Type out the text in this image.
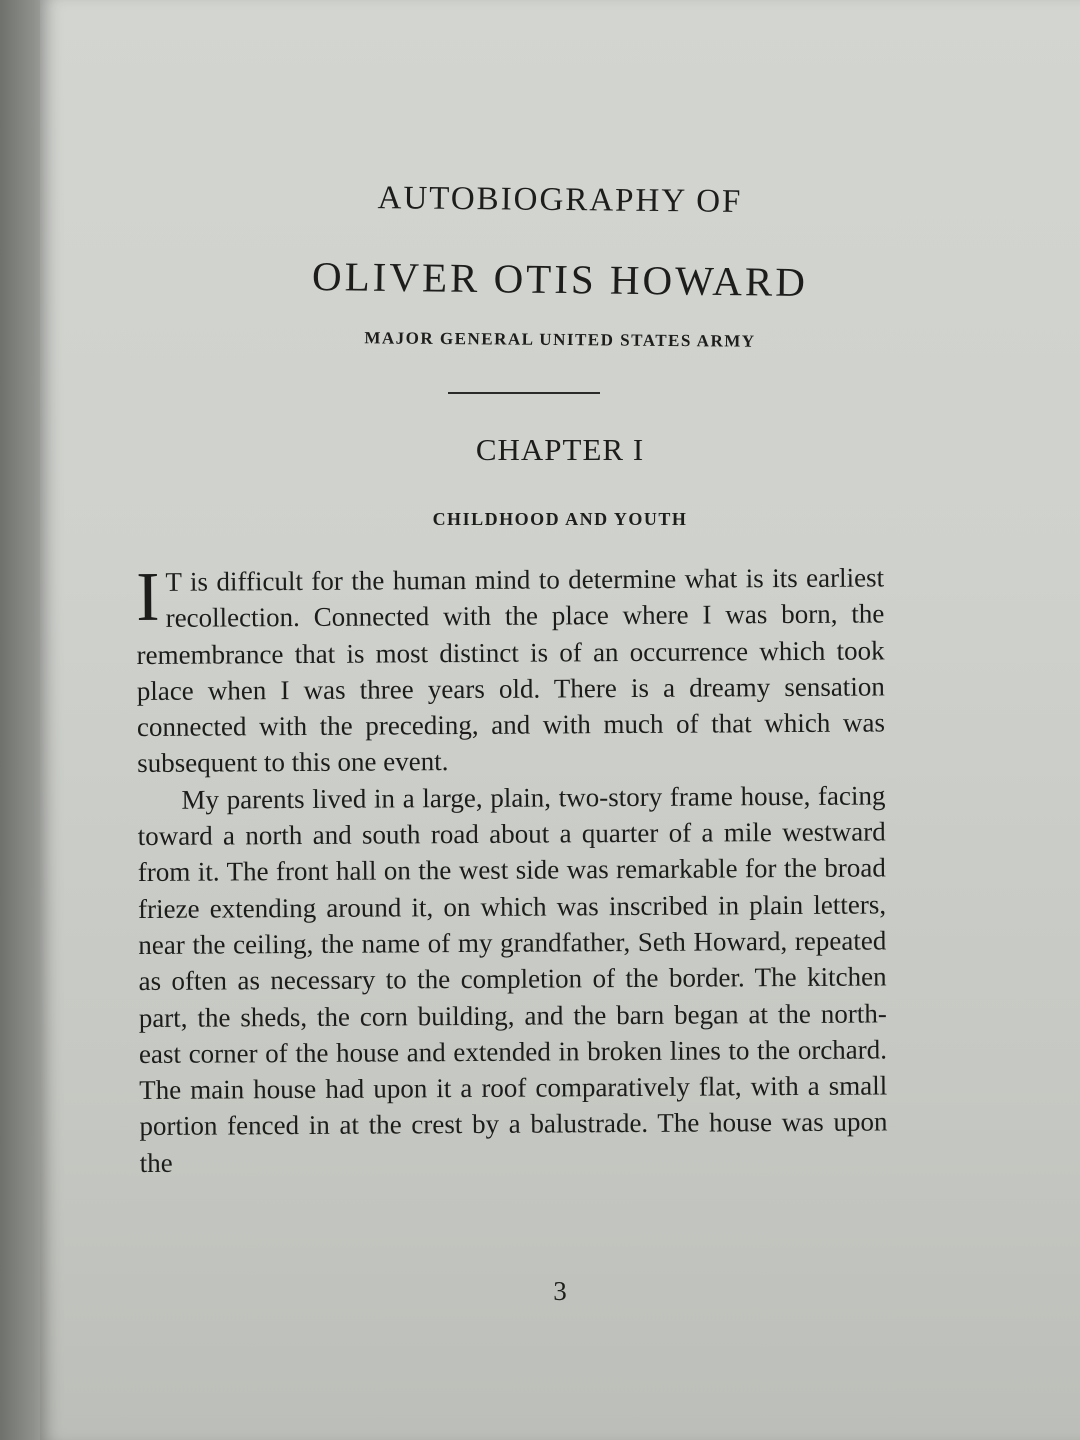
AUTOBIOGRAPHY OF
OLIVER OTIS HOWARD
MAJOR GENERAL UNITED STATES ARMY
CHAPTER I
CHILDHOOD AND YOUTH

IT is difficult for the human mind to determine what is its earliest recollection. Connected with the place where I was born, the remembrance that is most distinct is of an occurrence which took place when I was three years old. There is a dreamy sensation connected with the preceding, and with much of that which was subsequent to this one event.

My parents lived in a large, plain, two-story frame house, facing toward a north and south road about a quarter of a mile westward from it. The front hall on the west side was remarkable for the broad frieze extending around it, on which was inscribed in plain letters, near the ceiling, the name of my grandfather, Seth Howard, repeated as often as necessary to the completion of the border. The kitchen part, the sheds, the corn building, and the barn began at the north-east corner of the house and extended in broken lines to the orchard. The main house had upon it a roof comparatively flat, with a small portion fenced in at the crest by a balustrade. The house was upon the

3
